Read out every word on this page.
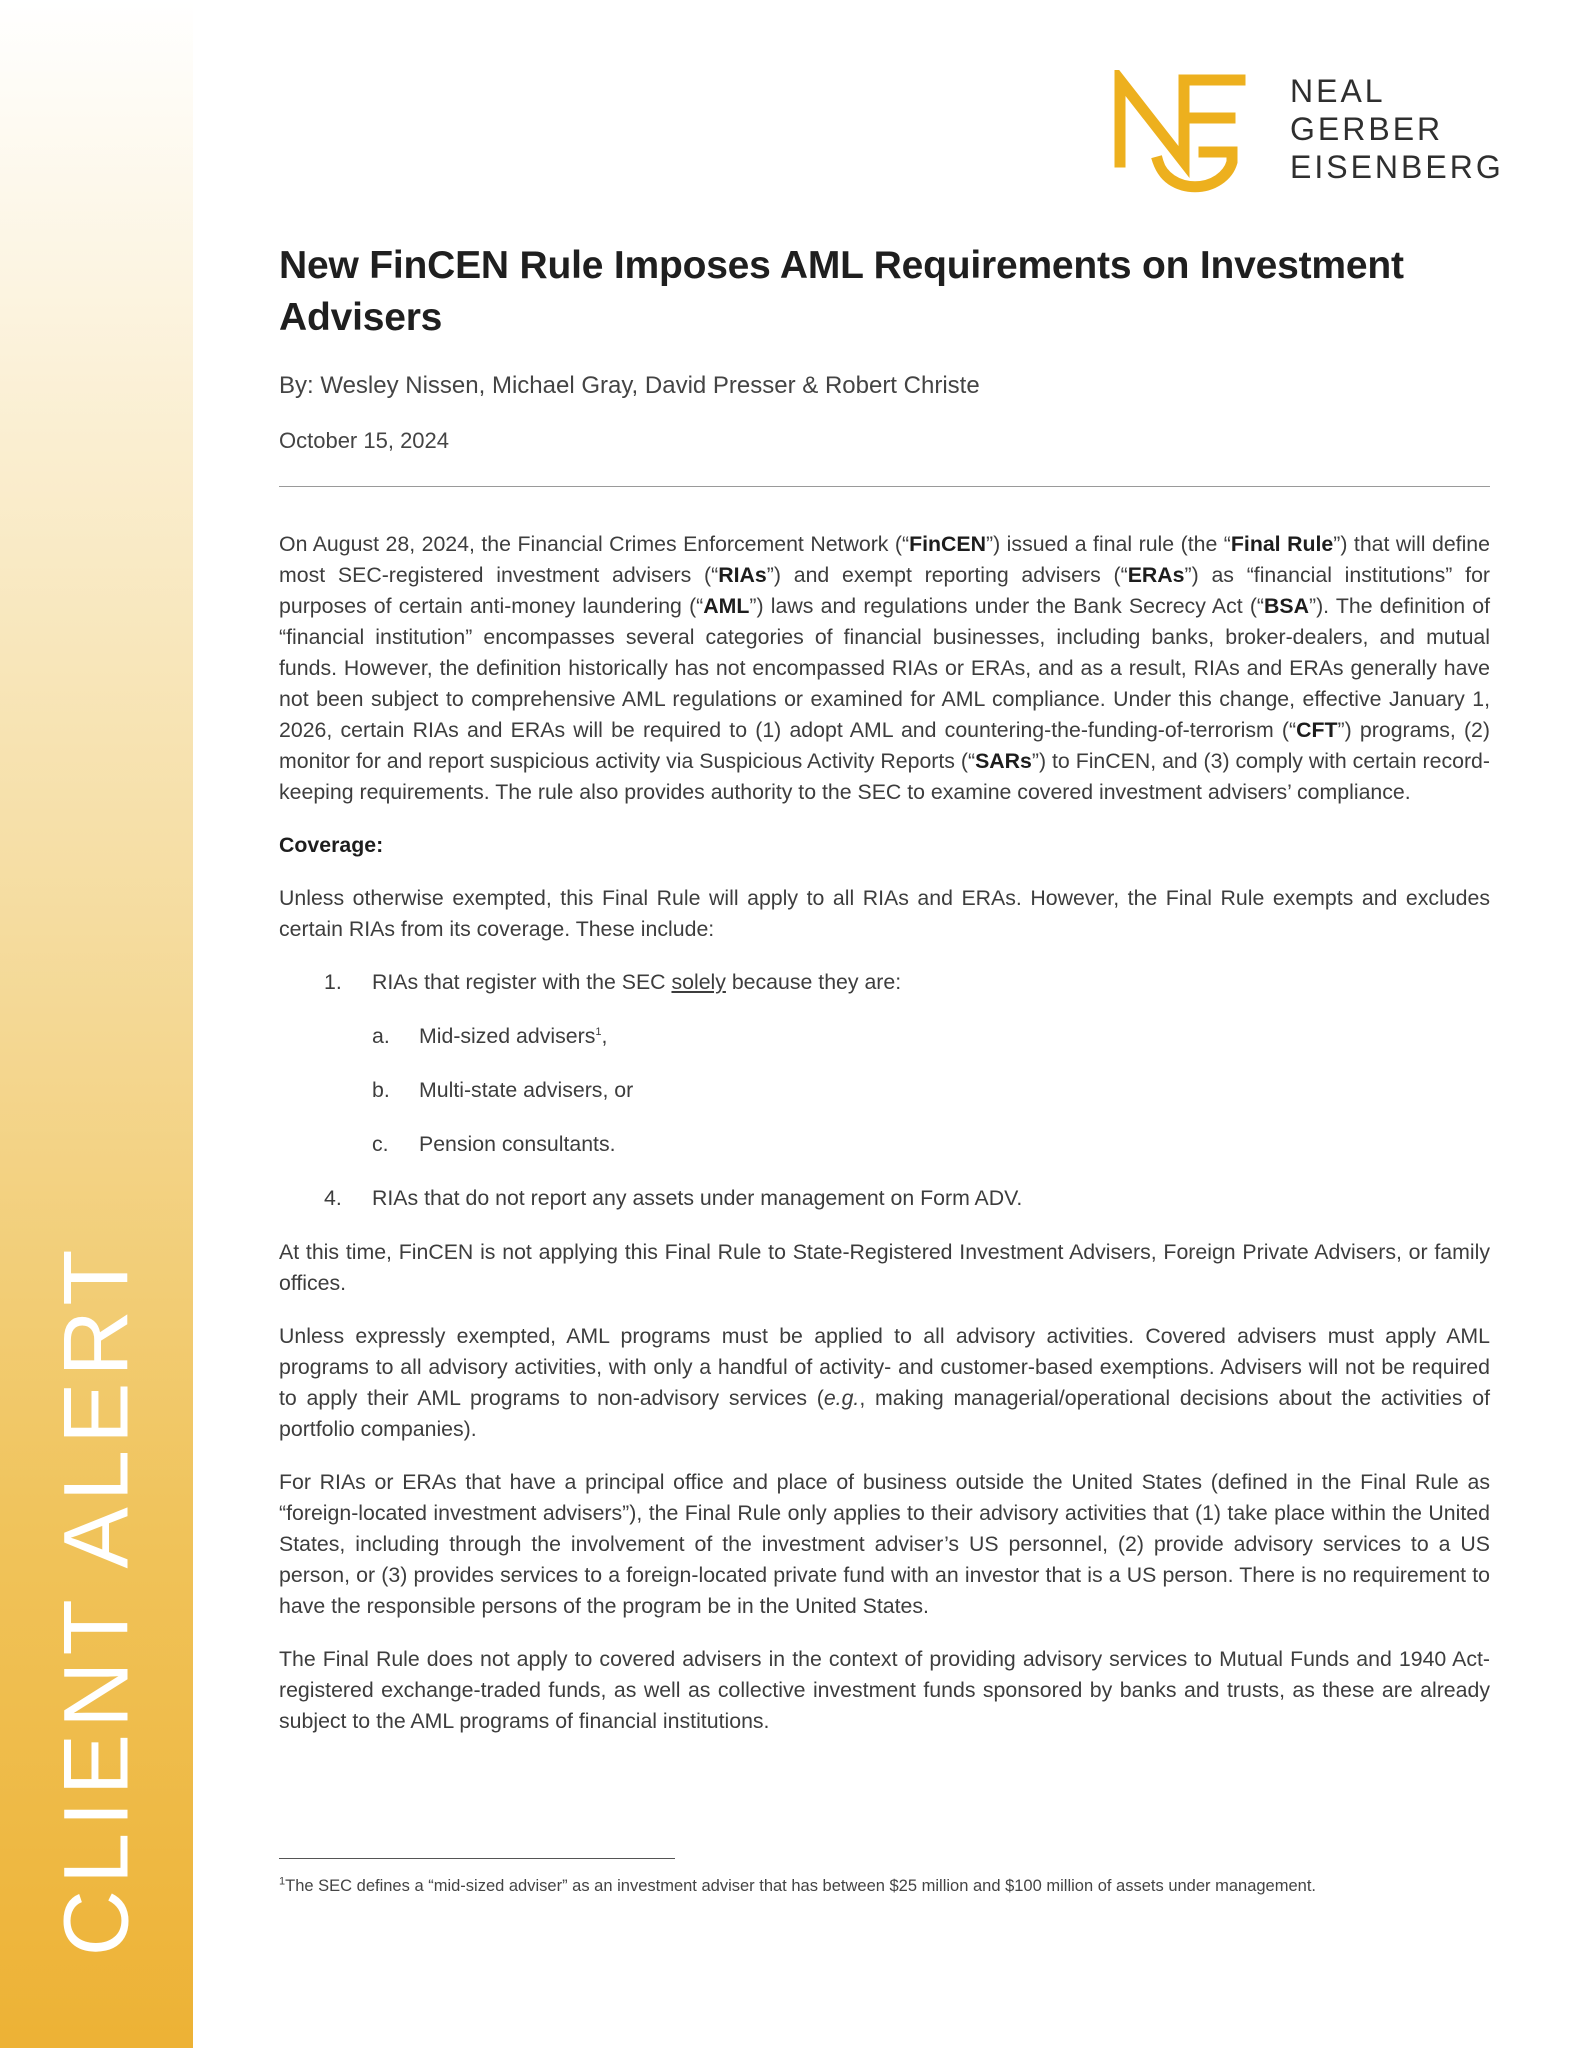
CLIENT ALERT
NEAL
GERBER
EISENBERG
New FinCEN Rule Imposes AML Requirements on Investment Advisers
By: Wesley Nissen, Michael Gray, David Presser & Robert Christe
October 15, 2024

On August 28, 2024, the Financial Crimes Enforcement Network (“FinCEN”) issued a final rule (the “Final Rule”) that will define most SEC-registered investment advisers (“RIAs”) and exempt reporting advisers (“ERAs”) as “financial institutions” for purposes of certain anti-money laundering (“AML”) laws and regulations under the Bank Secrecy Act (“BSA”). The definition of “financial institution” encompasses several categories of financial businesses, including banks, broker-dealers, and mutual funds. However, the definition historically has not encompassed RIAs or ERAs, and as a result, RIAs and ERAs generally have not been subject to comprehensive AML regulations or examined for AML compliance. Under this change, effective January 1, 2026, certain RIAs and ERAs will be required to (1) adopt AML and countering-the-funding-of-terrorism (“CFT”) programs, (2) monitor for and report suspicious activity via Suspicious Activity Reports (“SARs”) to FinCEN, and (3) comply with certain record-keeping requirements. The rule also provides authority to the SEC to examine covered investment advisers’ compliance.

Coverage:

Unless otherwise exempted, this Final Rule will apply to all RIAs and ERAs. However, the Final Rule exempts and excludes certain RIAs from its coverage. These include:

1. RIAs that register with the SEC solely because they are:
a. Mid-sized advisers$^1$,
b. Multi-state advisers, or
c. Pension consultants.
4. RIAs that do not report any assets under management on Form ADV.

At this time, FinCEN is not applying this Final Rule to State-Registered Investment Advisers, Foreign Private Advisers, or family offices.

Unless expressly exempted, AML programs must be applied to all advisory activities. Covered advisers must apply AML programs to all advisory activities, with only a handful of activity- and customer-based exemptions. Advisers will not be required to apply their AML programs to non-advisory services (e.g., making managerial/operational decisions about the activities of portfolio companies).

For RIAs or ERAs that have a principal office and place of business outside the United States (defined in the Final Rule as “foreign-located investment advisers”), the Final Rule only applies to their advisory activities that (1) take place within the United States, including through the involvement of the investment adviser’s US personnel, (2) provide advisory services to a US person, or (3) provides services to a foreign-located private fund with an investor that is a US person. There is no requirement to have the responsible persons of the program be in the United States.

The Final Rule does not apply to covered advisers in the context of providing advisory services to Mutual Funds and 1940 Act-registered exchange-traded funds, as well as collective investment funds sponsored by banks and trusts, as these are already subject to the AML programs of financial institutions.

$^1$The SEC defines a “mid-sized adviser” as an investment adviser that has between $25 million and $100 million of assets under management.
